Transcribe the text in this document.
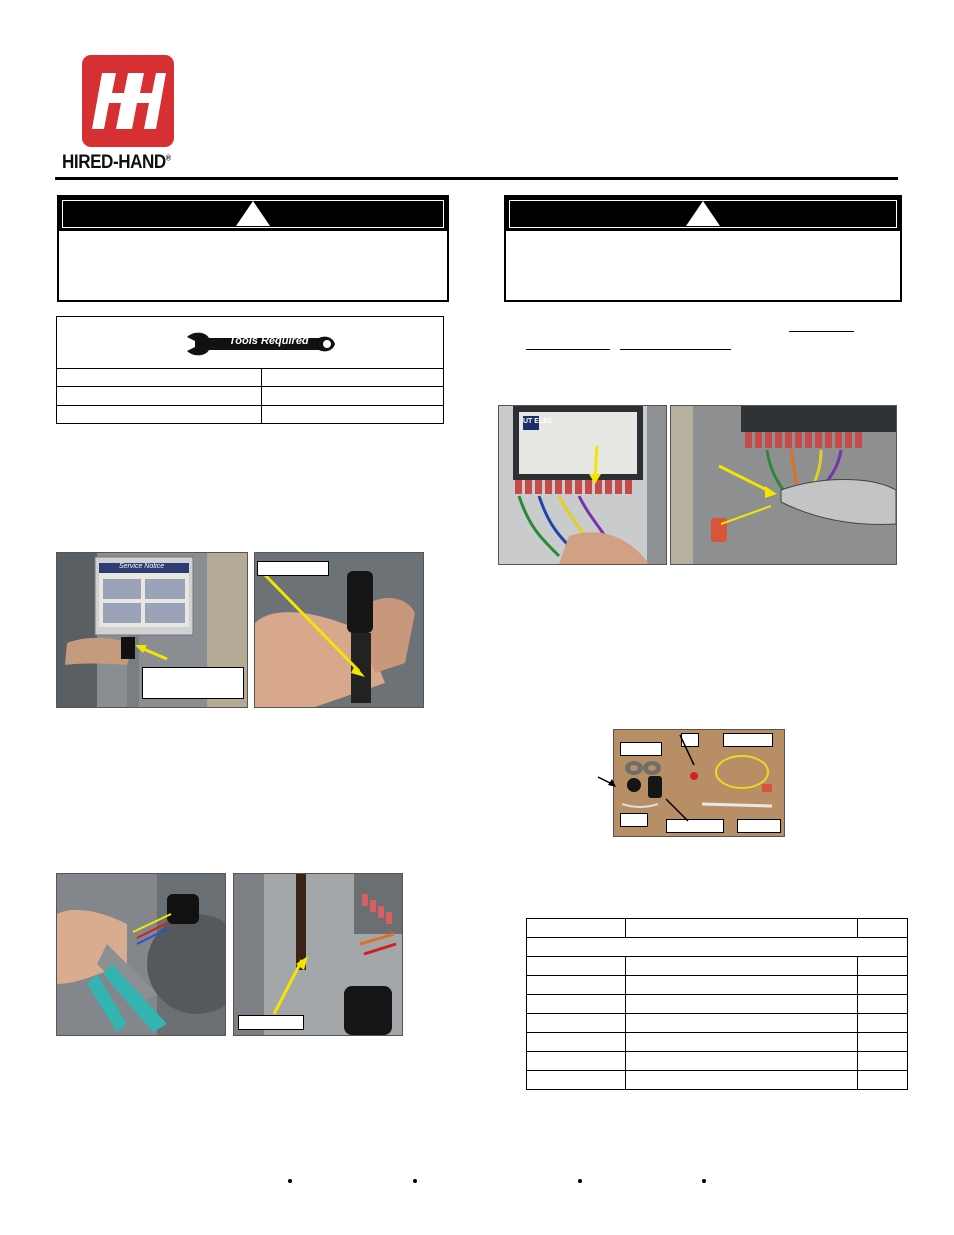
HIRED-HAND®
Tools Required
Service Notice
UT ELEC
